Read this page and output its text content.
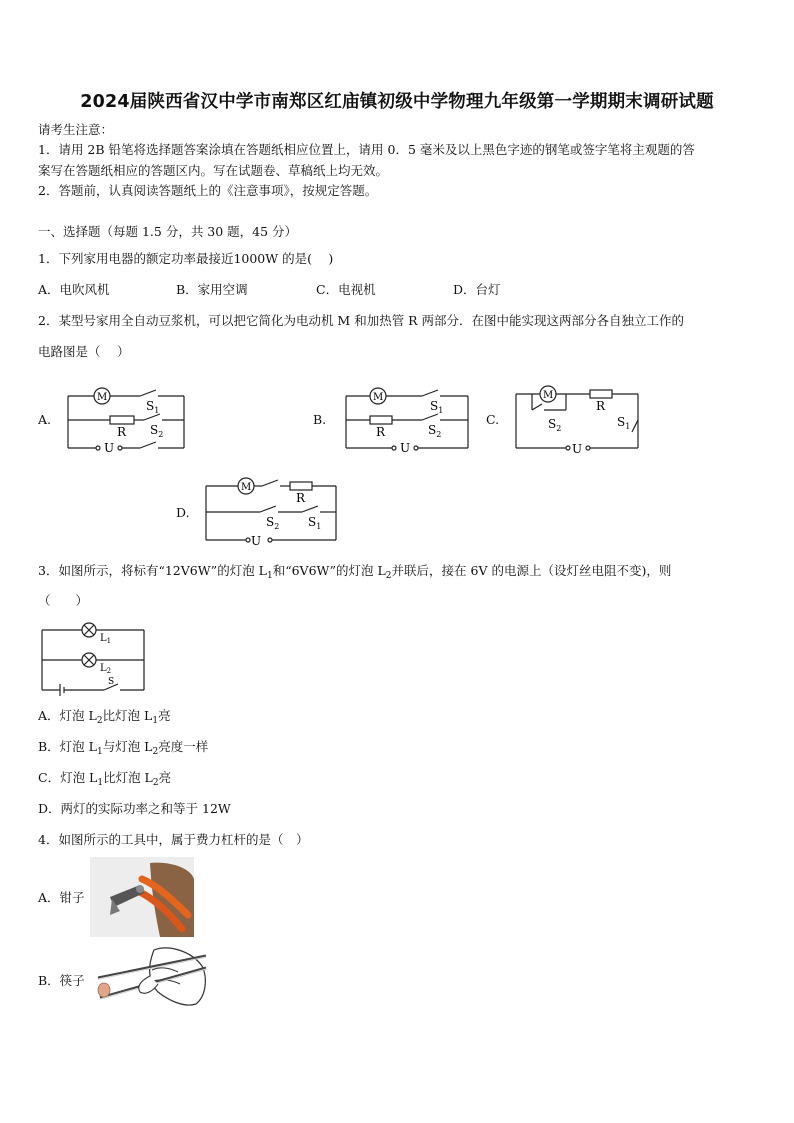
2024届陕西省汉中学市南郑区红庙镇初级中学物理九年级第一学期期末调研试题
请考生注意：
1．请用 2B 铅笔将选择题答案涂填在答题纸相应位置上，请用 0．5 毫米及以上黑色字迹的钢笔或签字笔将主观题的答
案写在答题纸相应的答题区内。写在试题卷、草稿纸上均无效。
2．答题前，认真阅读答题纸上的《注意事项》，按规定答题。
一、选择题（每题 1.5 分，共 30 题，45 分）
1．下列家用电器的额定功率最接近1000W 的是(　 )
A．电吹风机	B．家用空调	C．电视机	D．台灯
2．某型号家用全自动豆浆机，可以把它简化为电动机 M 和加热管 R 两部分．在图中能实现这两部分各自独立工作的
电路图是（　 ）
A.
M
$S_1$
R $S_2$
U
B.
M
$S_1$
R	$S_2$
U
C.
M
R
$S_2$	$S_1$
U
D.
M
R
$S_2$ $S_1$
U
3．如图所示，将标有“12V6W”的灯泡 $L_1$和“6V6W”的灯泡 $L_2$并联后，接在 6V 的电源上（设灯丝电阻不变)，则
（　　）
$L_1$
$L_2$
S
A．灯泡 $L_2$比灯泡 $L_1$亮
B．灯泡 $L_1$与灯泡 $L_2$亮度一样
C．灯泡 $L_1$比灯泡 $L_2$亮
D．两灯的实际功率之和等于 12W
4．如图所示的工具中，属于费力杠杆的是（　）
A．钳子
B．筷子
